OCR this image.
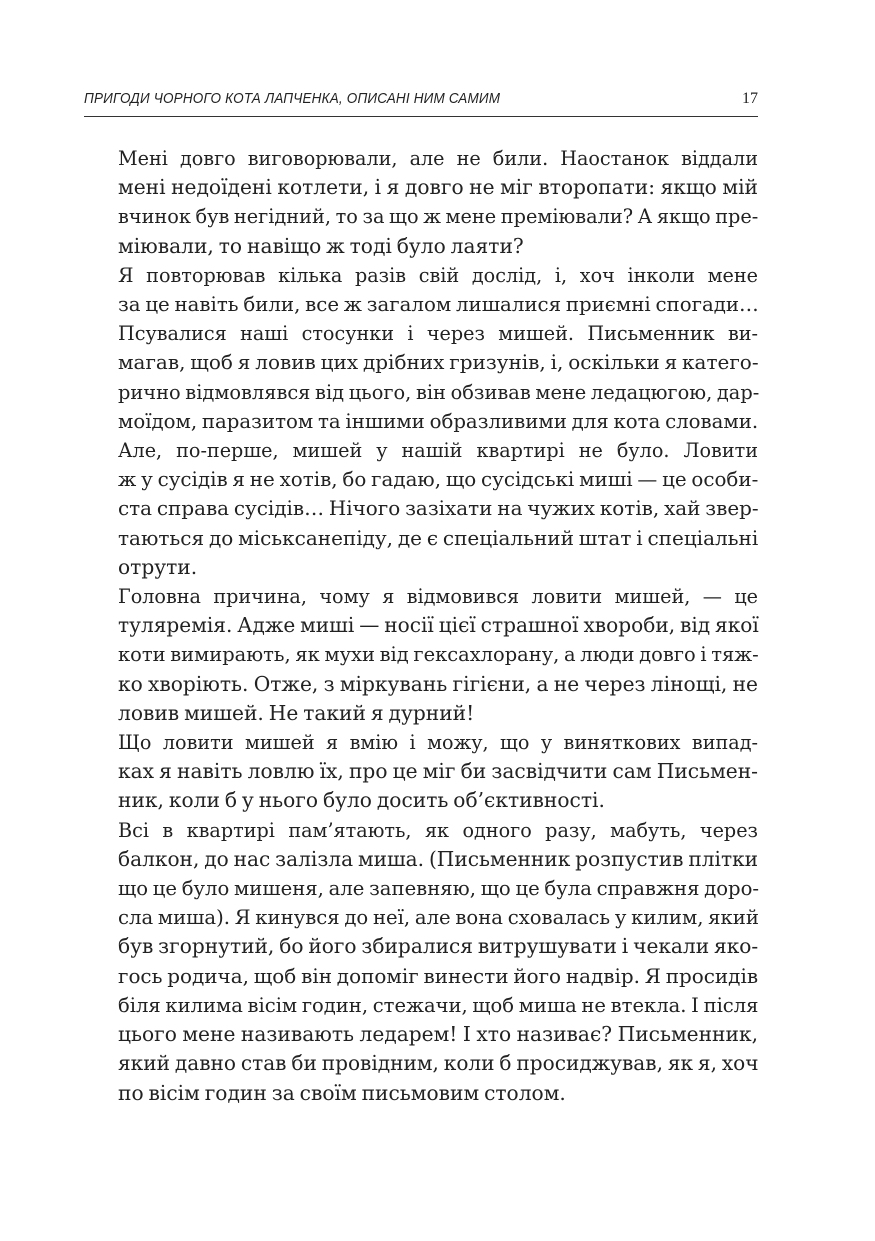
ПРИГОДИ ЧОРНОГО КОТА ЛАПЧЕНКА, ОПИСАНІ НИМ САМИМ	17

Мені довго виговорювали, але не били. Наостанок віддали
мені недоїдені котлети, і я довго не міг второпати: якщо мій
вчинок був негідний, то за що ж мене преміювали? А якщо пре-
міювали, то навіщо ж тоді було лаяти?

Я повторював кілька разів свій дослід, і, хоч інколи мене
за це навіть били, все ж загалом лишалися приємні спогади…

Псувалися наші стосунки і через мишей. Письменник ви-
магав, щоб я ловив цих дрібних гризунів, і, оскільки я катего-
рично відмовлявся від цього, він обзивав мене ледацюгою, дар-
моїдом, паразитом та іншими образливими для кота словами.

Але, по-перше, мишей у нашій квартирі не було. Ловити
ж у сусідів я не хотів, бо гадаю, що сусідські миші — це особи-
ста справа сусідів… Нічого зазіхати на чужих котів, хай звер-
таються до міськсанепіду, де є спеціальний штат і спеціальні
отрути.

Головна причина, чому я відмовився ловити мишей, — це
туляремія. Адже миші — носії цієї страшної хвороби, від якої
коти вимирають, як мухи від гексахлорану, а люди довго і тяж-
ко хворіють. Отже, з міркувань гігієни, а не через лінощі, не
ловив мишей. Не такий я дурний!

Що ловити мишей я вмію і можу, що у виняткових випад-
ках я навіть ловлю їх, про це міг би засвідчити сам Письмен-
ник, коли б у нього було досить об’єктивності.

Всі в квартирі пам’ятають, як одного разу, мабуть, через
балкон, до нас залізла миша. (Письменник розпустив плітки
що це було мишеня, але запевняю, що це була справжня доро-
сла миша). Я кинувся до неї, але вона сховалась у килим, який
був згорнутий, бо його збиралися витрушувати і чекали яко-
гось родича, щоб він допоміг винести його надвір. Я просидів
біля килима вісім годин, стежачи, щоб миша не втекла. І після
цього мене називають ледарем! І хто називає? Письменник,
який давно став би провідним, коли б просиджував, як я, хоч
по вісім годин за своїм письмовим столом.
